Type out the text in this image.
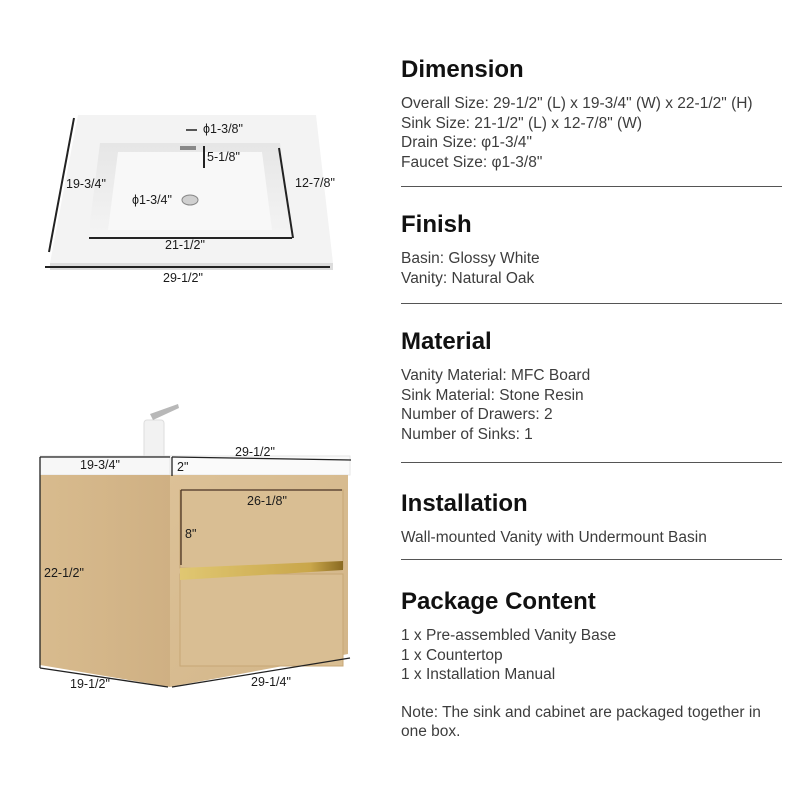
ϕ1-3/8"
5-1/8"
19-3/4"	12-7/8"
ϕ1-3/4"
21-1/2"
29-1/2"
19-3/4"
29-1/2"
2"
26-1/8"
8"
22-1/2"
19-1/2"	29-1/4"
Dimension
Overall Size: 29-1/2" (L) x 19-3/4" (W) x 22-1/2" (H)
Sink Size: 21-1/2" (L) x 12-7/8" (W)
Drain Size: φ1-3/4"
Faucet Size: φ1-3/8"
Finish
Basin: Glossy White
Vanity: Natural Oak
Material
Vanity Material: MFC Board
Sink Material: Stone Resin
Number of Drawers: 2
Number of Sinks: 1
Installation
Wall-mounted Vanity with Undermount Basin
Package Content
1 x Pre-assembled Vanity Base
1 x Countertop
1 x Installation Manual
Note: The sink and cabinet are packaged together in one box.
